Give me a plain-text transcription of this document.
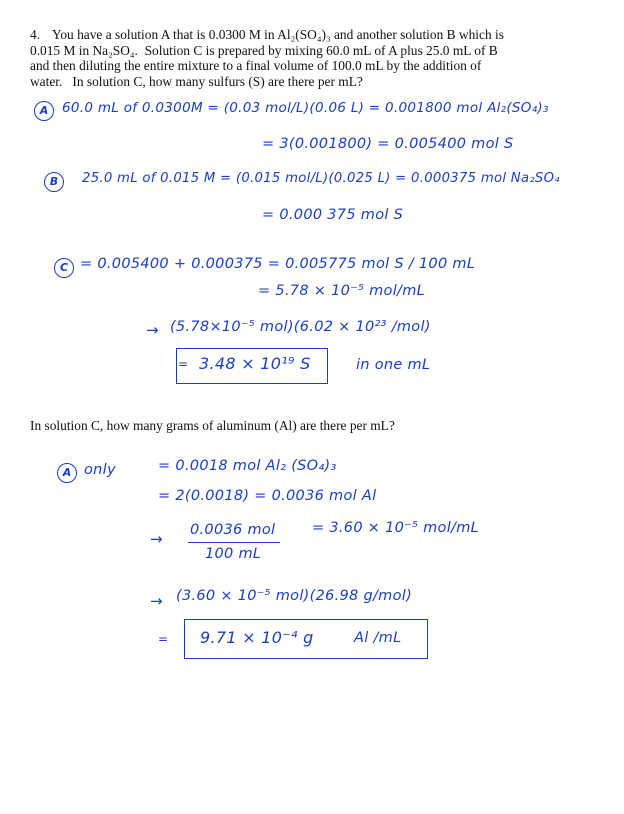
4. You have a solution A that is 0.0300 M in Al₂(SO₄)₃ and another solution B which is
0.015 M in Na₂SO₄.  Solution C is prepared by mixing 60.0 mL of A plus 25.0 mL of B
and then diluting the entire mixture to a final volume of 100.0 mL by the addition of
water.   In solution C, how many sulfurs (S) are there per mL?
A	60.0 mL of 0.0300M = (0.03 mol/L)(0.06 L) = 0.001800 mol Al₂(SO₄)₃
= 3(0.001800) = 0.005400 mol S
B	25.0 mL of 0.015 M = (0.015 mol/L)(0.025 L) = 0.000375 mol Na₂SO₄
= 0.000 375 mol S
C = 0.005400 + 0.000375 = 0.005775 mol S / 100 mL
= 5.78 × 10⁻⁵ mol/mL
→ (5.78×10⁻⁵ mol)(6.02 × 10²³ /mol)
= 3.48 × 10¹⁹ S	in one mL
In solution C, how many grams of aluminum (Al) are there per mL?
A only	= 0.0018 mol Al₂ (SO₄)₃
= 2(0.0018) = 0.0036 mol Al
→ 0.0036 mol
100 mL
= 3.60 × 10⁻⁵ mol/mL
→ (3.60 × 10⁻⁵ mol)(26.98 g/mol)
= 9.71 × 10⁻⁴ g	Al /mL
